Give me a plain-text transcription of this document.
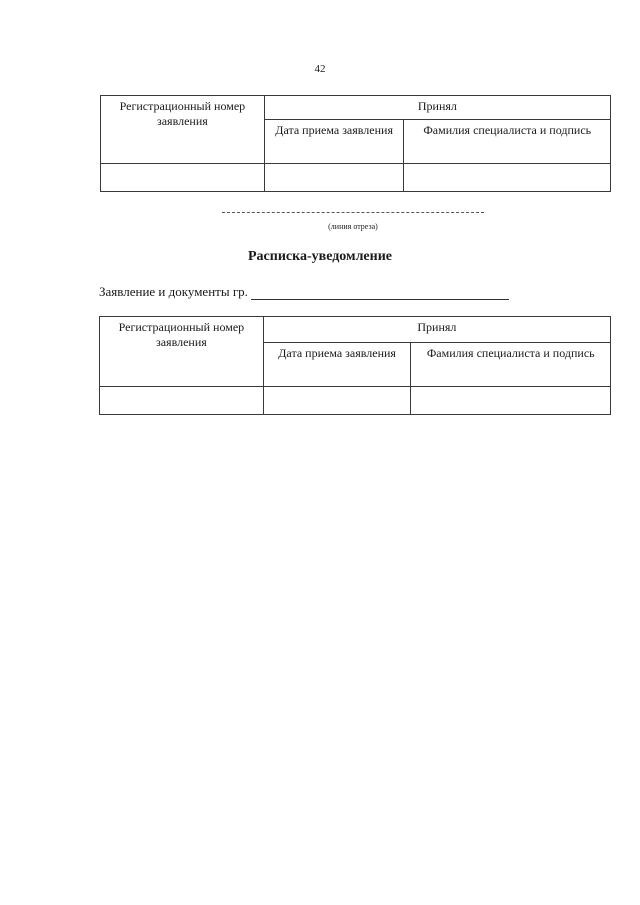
42
Регистрационный номер заявления	Принял	
	Дата приема заявления	Фамилия специалиста и подпись

(линия отреза)
Расписка-уведомление
Заявление и документы гр.
Регистрационный номер заявления	Принял	
	Дата приема заявления	Фамилия специалиста и подпись
